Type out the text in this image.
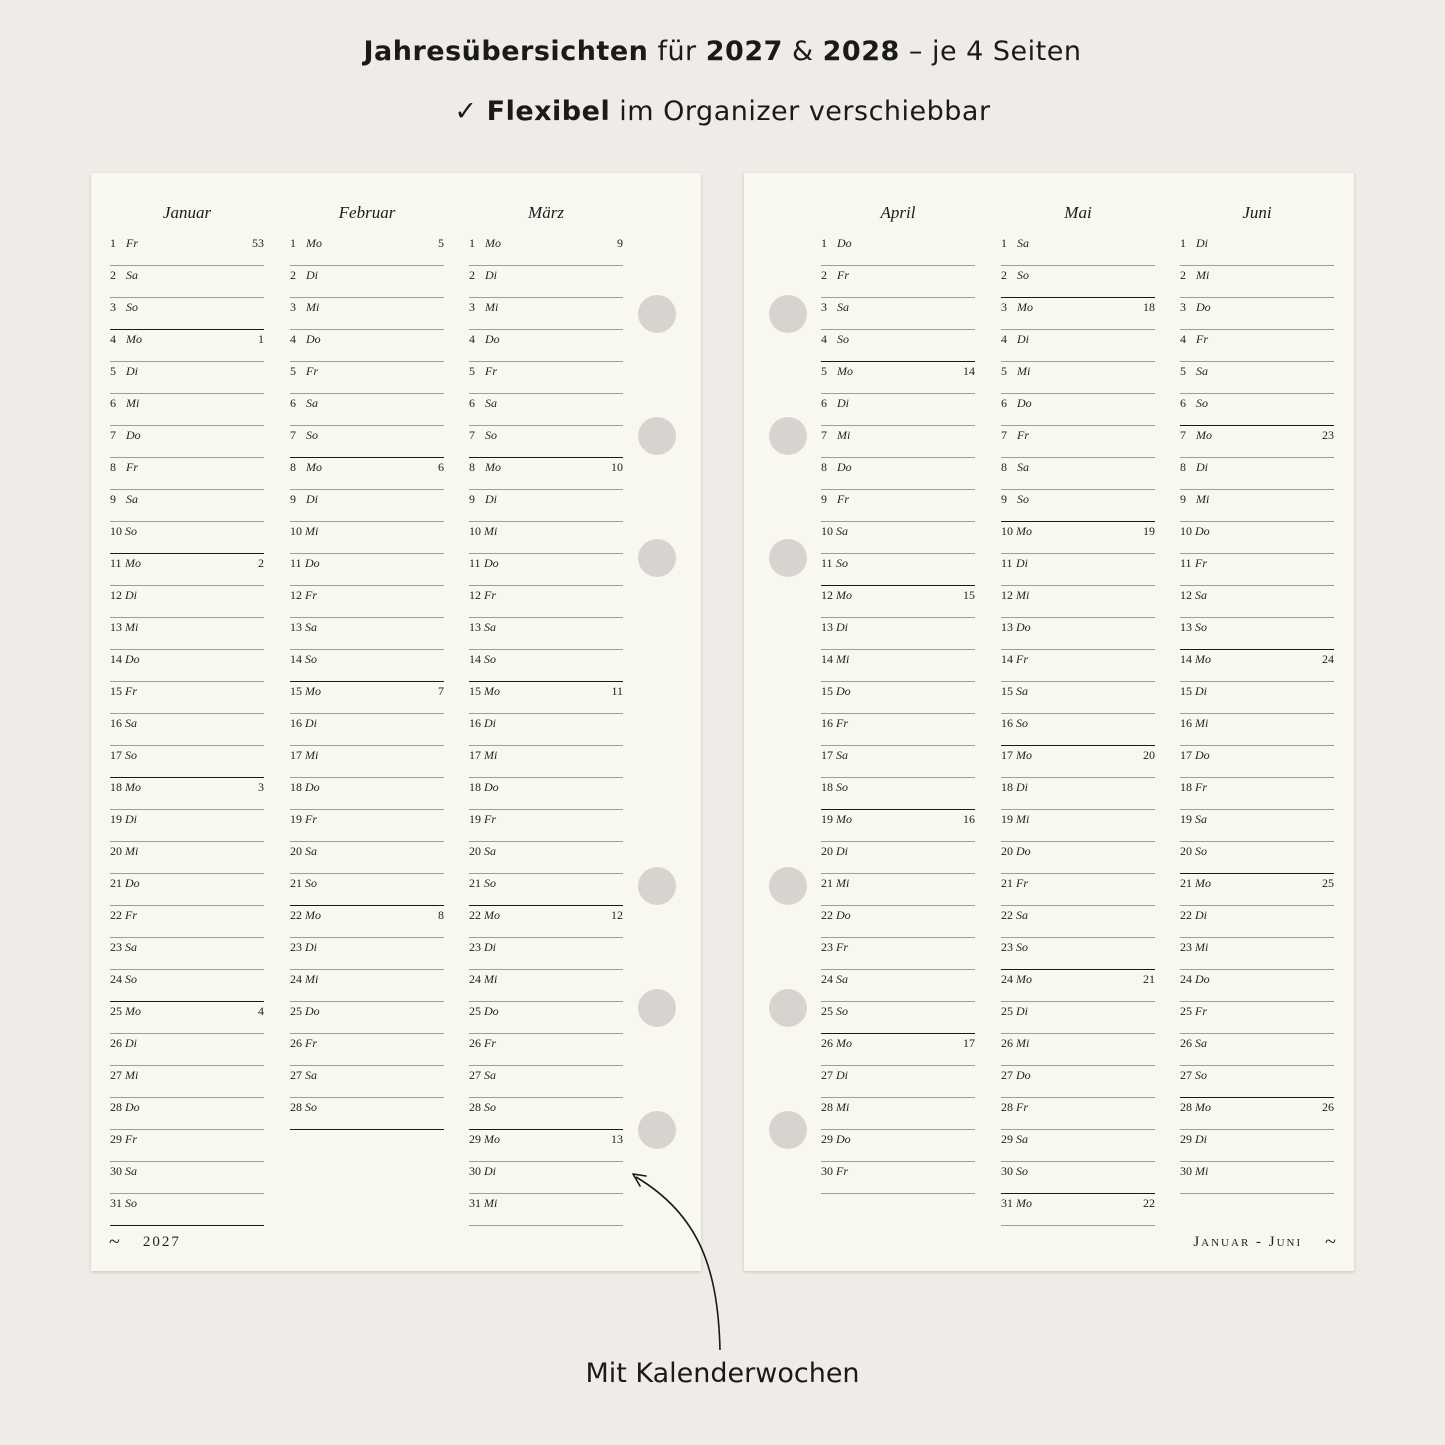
Jahresübersichten für 2027 & 2028 – je 4 Seiten
✓ Flexibel im Organizer verschiebbar
Januar
1 Fr	53
2 Sa
3 So
4 Mo	1
5 Di
6 Mi
7 Do
8 Fr
9 Sa
10 So
11 Mo	2
12 Di
13 Mi
14 Do
15 Fr
16 Sa
17 So
18 Mo	3
19 Di
20 Mi
21 Do
22 Fr
23 Sa
24 So
25 Mo	4
26 Di
27 Mi
28 Do
29 Fr
30 Sa
31 So
Februar
1 Mo	5
2 Di
3 Mi
4 Do
5 Fr
6 Sa
7 So
8 Mo	6
9 Di
10 Mi
11 Do
12 Fr
13 Sa
14 So
15 Mo	7
16 Di
17 Mi
18 Do
19 Fr
20 Sa
21 So
22 Mo	8
23 Di
24 Mi
25 Do
26 Fr
27 Sa
28 So
März
1 Mo	9
2 Di
3 Mi
4 Do
5 Fr
6 Sa
7 So
8 Mo	10
9 Di
10 Mi
11 Do
12 Fr
13 Sa
14 So
15 Mo	11
16 Di
17 Mi
18 Do
19 Fr
20 Sa
21 So
22 Mo	12
23 Di
24 Mi
25 Do
26 Fr
27 Sa
28 So
29 Mo	13
30 Di
31 Mi
~ 2027
April
1 Do
2 Fr
3 Sa
4 So
5 Mo	14
6 Di
7 Mi
8 Do
9 Fr
10 Sa
11 So
12 Mo	15
13 Di
14 Mi
15 Do
16 Fr
17 Sa
18 So
19 Mo	16
20 Di
21 Mi
22 Do
23 Fr
24 Sa
25 So
26 Mo	17
27 Di
28 Mi
29 Do
30 Fr
Mai
1 Sa
2 So
3 Mo	18
4 Di
5 Mi
6 Do
7 Fr
8 Sa
9 So
10 Mo	19
11 Di
12 Mi
13 Do
14 Fr
15 Sa
16 So
17 Mo	20
18 Di
19 Mi
20 Do
21 Fr
22 Sa
23 So
24 Mo	21
25 Di
26 Mi
27 Do
28 Fr
29 Sa
30 So
31 Mo	22
Juni
1 Di
2 Mi
3 Do
4 Fr
5 Sa
6 So
7 Mo	23
8 Di
9 Mi
10 Do
11 Fr
12 Sa
13 So
14 Mo	24
15 Di
16 Mi
17 Do
18 Fr
19 Sa
20 So
21 Mo	25
22 Di
23 Mi
24 Do
25 Fr
26 Sa
27 So
28 Mo	26
29 Di
30 Mi
Januar - Juni ~
Mit Kalenderwochen
